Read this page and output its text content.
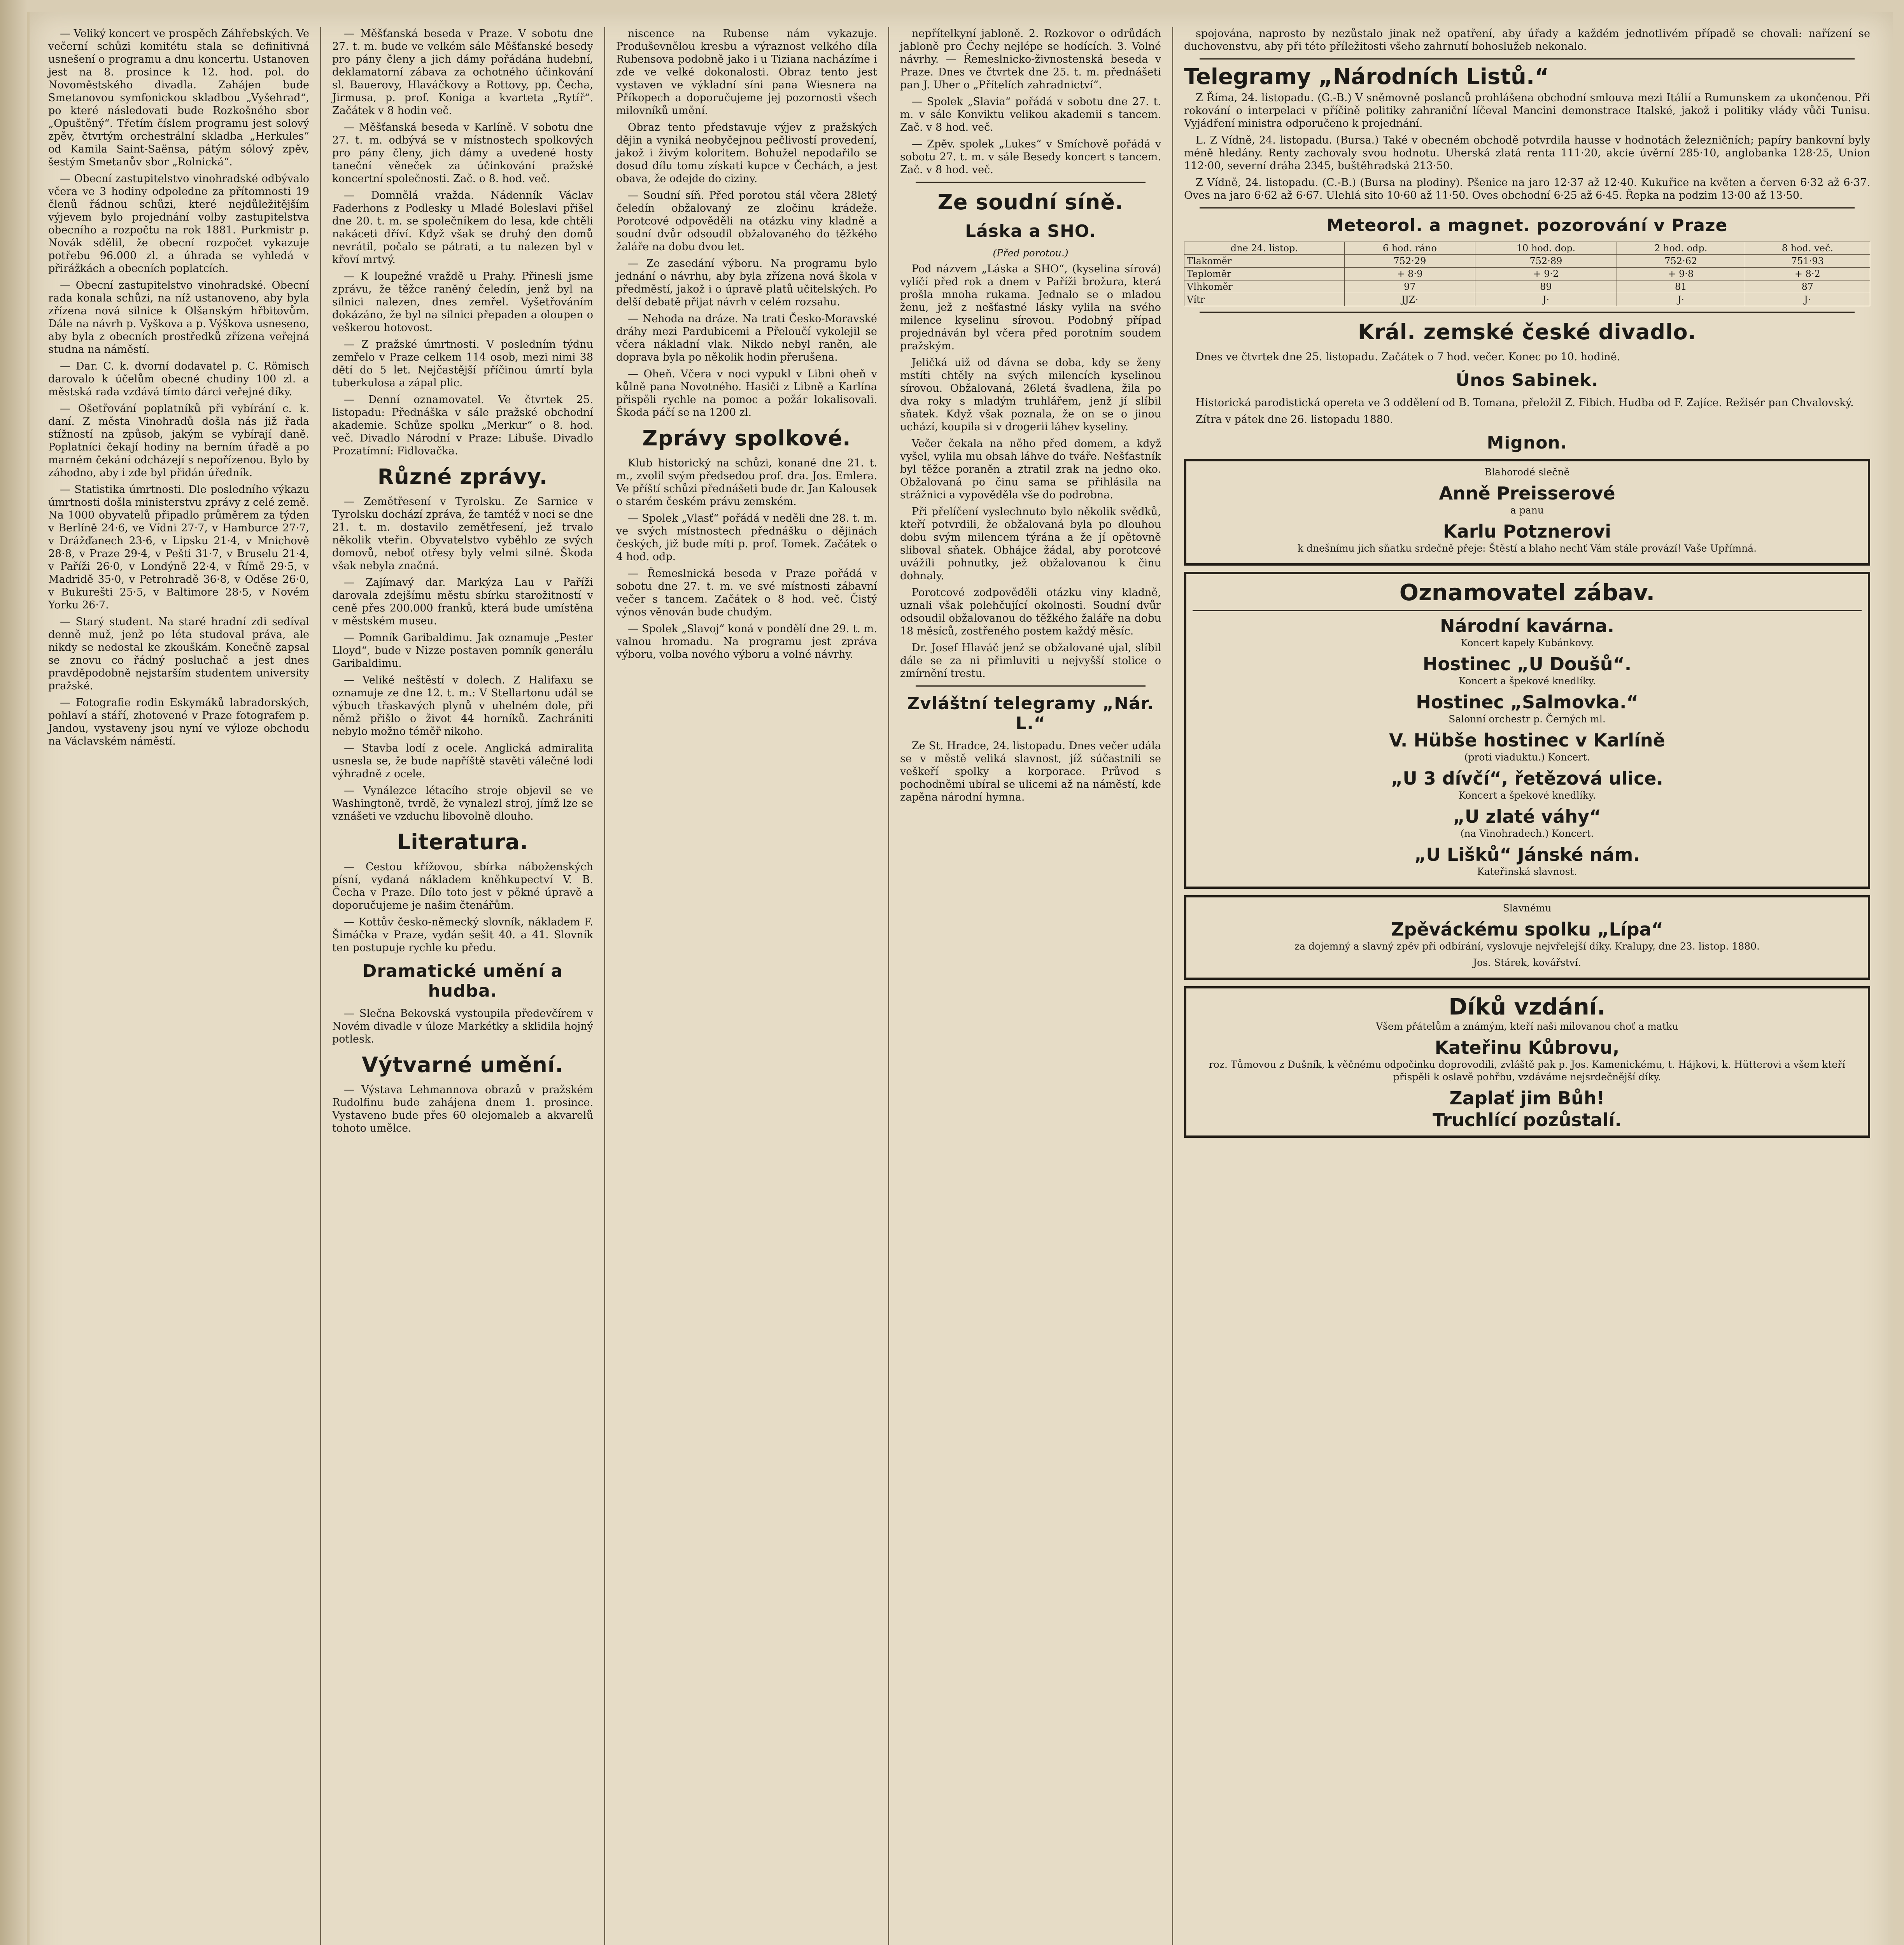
— Veliký koncert ve prospěch Záhřebských. Ve večerní schůzi komitétu stala se definitivná usnešení o programu a dnu koncertu. Ustanoven jest na 8. prosince k 12. hod. pol. do Novoměstského divadla. Zahájen bude Smetanovou symfonickou skladbou „Vyšehrad“, po které následovati bude Rozkošného sbor „Opuštěný“. Třetím číslem programu jest solový zpěv, čtvrtým orchestrální skladba „Herkules“ od Kamila Saint-Saënsa, pátým sólový zpěv, šestým Smetanův sbor „Rolnická“.

— Obecní zastupitelstvo vinohradské odbývalo včera ve 3 hodiny odpoledne za přítomnosti 19 členů řádnou schůzi, které nejdůležitějším výjevem bylo projednání volby zastupitelstva obecního a rozpočtu na rok 1881. Purkmistr p. Novák sdělil, že obecní rozpočet vykazuje potřebu 96.000 zl. a úhrada se vyhledá v přirážkách a obecních poplatcích.

— Obecní zastupitelstvo vinohradské. Obecní rada konala schůzi, na níž ustanoveno, aby byla zřízena nová silnice k Olšanským hřbitovům. Dále na návrh p. Vyškova a p. Výškova usneseno, aby byla z obecních prostředků zřízena veřejná studna na náměstí.

— Dar. C. k. dvorní dodavatel p. C. Römisch darovalo k účelům obecné chudiny 100 zl. a městská rada vzdává tímto dárci veřejné díky.

— Ošetřování poplatníků při vybírání c. k. daní. Z města Vinohradů došla nás již řada stížností na způsob, jakým se vybírají daně. Poplatníci čekají hodiny na berním úřadě a po marném čekání odcházejí s nepořízenou. Bylo by záhodno, aby i zde byl přidán úředník.

— Statistika úmrtnosti. Dle posledního výkazu úmrtnosti došla ministerstvu zprávy z celé země. Na 1000 obyvatelů připadlo průměrem za týden v Berlíně 24·6, ve Vídni 27·7, v Hamburce 27·7, v Drážďanech 23·6, v Lipsku 21·4, v Mnichově 28·8, v Praze 29·4, v Pešti 31·7, v Bruselu 21·4, v Paříži 26·0, v Londýně 22·4, v Římě 29·5, v Madridě 35·0, v Petrohradě 36·8, v Oděse 26·0, v Bukurešti 25·5, v Baltimore 28·5, v Novém Yorku 26·7.

— Starý student. Na staré hradní zdi sedíval denně muž, jenž po léta studoval práva, ale nikdy se nedostal ke zkouškám. Konečně zapsal se znovu co řádný posluchač a jest dnes pravděpodobně nejstarším studentem university pražské.

— Fotografie rodin Eskymáků labradorských, pohlaví a stáří, zhotovené v Praze fotografem p. Jandou, vystaveny jsou nyní ve výloze obchodu na Václavském náměstí.

— Měšťanská beseda v Praze. V sobotu dne 27. t. m. bude ve velkém sále Měšťanské besedy pro pány členy a jich dámy pořádána hudební, deklamatorní zábava za ochotného účinkování sl. Bauerovy, Hlaváčkovy a Rottovy, pp. Čecha, Jirmusa, p. prof. Koniga a kvarteta „Rytíř“. Začátek v 8 hodin več.

— Měšťanská beseda v Karlíně. V sobotu dne 27. t. m. odbývá se v místnostech spolkových pro pány členy, jich dámy a uvedené hosty taneční věneček za účinkování pražské koncertní společnosti. Zač. o 8. hod. več.

— Domnělá vražda. Nádenník Václav Faderhons z Podlesky u Mladé Boleslavi přišel dne 20. t. m. se společníkem do lesa, kde chtěli nakáceti dříví. Když však se druhý den domů nevrátil, počalo se pátrati, a tu nalezen byl v křoví mrtvý.

— K loupežné vraždě u Prahy. Přinesli jsme zprávu, že těžce raněný čeledín, jenž byl na silnici nalezen, dnes zemřel. Vyšetřováním dokázáno, že byl na silnici přepaden a oloupen o veškerou hotovost.

— Z pražské úmrtnosti. V posledním týdnu zemřelo v Praze celkem 114 osob, mezi nimi 38 dětí do 5 let. Nejčastější příčinou úmrtí byla tuberkulosa a zápal plic.

— Denní oznamovatel. Ve čtvrtek 25. listopadu: Přednáška v sále pražské obchodní akademie. Schůze spolku „Merkur“ o 8. hod. več. Divadlo Národní v Praze: Libuše. Divadlo Prozatímní: Fidlovačka.

Různé zprávy.

— Zemětřesení v Tyrolsku. Ze Sarnice v Tyrolsku dochází zpráva, že tamtéž v noci se dne 21. t. m. dostavilo zemětřesení, jež trvalo několik vteřin. Obyvatelstvo vyběhlo ze svých domovů, neboť otřesy byly velmi silné. Škoda však nebyla značná.

— Zajímavý dar. Markýza Lau v Paříži darovala zdejšímu městu sbírku starožitností v ceně přes 200.000 franků, která bude umístěna v městském museu.

— Pomník Garibaldimu. Jak oznamuje „Pester Lloyd“, bude v Nizze postaven pomník generálu Garibaldimu.

— Veliké neštěstí v dolech. Z Halifaxu se oznamuje ze dne 12. t. m.: V Stellartonu udál se výbuch třaskavých plynů v uhelném dole, při němž přišlo o život 44 horníků. Zachrániti nebylo možno téměř nikoho.

— Stavba lodí z ocele. Anglická admiralita usnesla se, že bude napříště stavěti válečné lodi výhradně z ocele.

— Vynálezce létacího stroje objevil se ve Washingtoně, tvrdě, že vynalezl stroj, jímž lze se vznášeti ve vzduchu libovolně dlouho.

Literatura.

— Cestou křížovou, sbírka náboženských písní, vydaná nákladem kněhkupectví V. B. Čecha v Praze. Dílo toto jest v pěkné úpravě a doporučujeme je našim čtenářům.

— Kottův česko-německý slovník, nákladem F. Šimáčka v Praze, vydán sešit 40. a 41. Slovník ten postupuje rychle ku předu.

Dramatické umění a hudba.

— Slečna Bekovská vystoupila předevčírem v Novém divadle v úloze Markétky a sklidila hojný potlesk.

Výtvarné umění.

— Výstava Lehmannova obrazů v pražském Rudolfinu bude zahájena dnem 1. prosince. Vystaveno bude přes 60 olejomaleb a akvarelů tohoto umělce.

niscence na Rubense nám vykazuje. Produševnělou kresbu a výraznost velkého díla Rubensova podobně jako i u Tiziana nacházíme i zde ve velké dokonalosti. Obraz tento jest vystaven ve výkladní síni pana Wiesnera na Příkopech a doporučujeme jej pozornosti všech milovníků umění.

Obraz tento představuje výjev z pražských dějin a vyniká neobyčejnou pečlivostí provedení, jakož i živým koloritem. Bohužel nepodařilo se dosud dílu tomu získati kupce v Čechách, a jest obava, že odejde do ciziny.

— Soudní síň. Před porotou stál včera 28letý čeledín obžalovaný ze zločinu krádeže. Porotcové odpověděli na otázku viny kladně a soudní dvůr odsoudil obžalovaného do těžkého žaláře na dobu dvou let.

— Ze zasedání výboru. Na programu bylo jednání o návrhu, aby byla zřízena nová škola v předměstí, jakož i o úpravě platů učitelských. Po delší debatě přijat návrh v celém rozsahu.

— Nehoda na dráze. Na trati Česko-Moravské dráhy mezi Pardubicemi a Přeloučí vykolejil se včera nákladní vlak. Nikdo nebyl raněn, ale doprava byla po několik hodin přerušena.

— Oheň. Včera v noci vypukl v Libni oheň v kůlně pana Novotného. Hasiči z Libně a Karlína přispěli rychle na pomoc a požár lokalisovali. Škoda páčí se na 1200 zl.

Zprávy spolkové.

Klub historický na schůzi, konané dne 21. t. m., zvolil svým předsedou prof. dra. Jos. Emlera. Ve příští schůzi přednášeti bude dr. Jan Kalousek o starém českém právu zemském.

— Spolek „Vlasť“ pořádá v neděli dne 28. t. m. ve svých místnostech přednášku o dějinách českých, již bude míti p. prof. Tomek. Začátek o 4 hod. odp.

— Řemeslnická beseda v Praze pořádá v sobotu dne 27. t. m. ve své místnosti zábavní večer s tancem. Začátek o 8 hod. več. Čistý výnos věnován bude chudým.

— Spolek „Slavoj“ koná v pondělí dne 29. t. m. valnou hromadu. Na programu jest zpráva výboru, volba nového výboru a volné návrhy.

nepřítelkyní jabloně. 2. Rozkovor o odrůdách jabloně pro Čechy nejlépe se hodících. 3. Volné návrhy. — Řemeslnicko-živnostenská beseda v Praze. Dnes ve čtvrtek dne 25. t. m. přednášeti pan J. Uher o „Přítelích zahradnictví“.

— Spolek „Slavia“ pořádá v sobotu dne 27. t. m. v sále Konviktu velikou akademii s tancem. Zač. v 8 hod. več.

— Zpěv. spolek „Lukes“ v Smíchově pořádá v sobotu 27. t. m. v sále Besedy koncert s tancem. Zač. v 8 hod. več.

Ze soudní síně.
Láska a SHO.
(Před porotou.)

Pod názvem „Láska a SHO“, (kyselina sírová) vylíčí před rok a dnem v Paříži brožura, která prošla mnoha rukama. Jednalo se o mladou ženu, jež z nešťastné lásky vylila na svého milence kyselinu sírovou. Podobný případ projednáván byl včera před porotním soudem pražským.

Jeličká uiž od dávna se doba, kdy se ženy mstíti chtěly na svých milencích kyselinou sírovou. Obžalovaná, 26letá švadlena, žila po dva roky s mladým truhlářem, jenž jí slíbil sňatek. Když však poznala, že on se o jinou uchází, koupila si v drogerii láhev kyseliny.

Večer čekala na něho před domem, a když vyšel, vylila mu obsah láhve do tváře. Nešťastník byl těžce poraněn a ztratil zrak na jedno oko. Obžalovaná po činu sama se přihlásila na strážnici a vypověděla vše do podrobna.

Při přelíčení vyslechnuto bylo několik svědků, kteří potvrdili, že obžalovaná byla po dlouhou dobu svým milencem týrána a že jí opětovně sliboval sňatek. Obhájce žádal, aby porotcové uvážili pohnutky, jež obžalovanou k činu dohnaly.

Porotcové zodpověděli otázku viny kladně, uznali však polehčující okolnosti. Soudní dvůr odsoudil obžalovanou do těžkého žaláře na dobu 18 měsíců, zostřeného postem každý měsíc.

Dr. Josef Hlaváč jenž se obžalované ujal, slíbil dále se za ni přimluviti u nejvyšší stolice o zmírnění trestu.

Zvláštní telegramy „Nár. L.“

Ze St. Hradce, 24. listopadu. Dnes večer udála se v městě veliká slavnost, jíž súčastnili se veškeří spolky a korporace. Průvod s pochodněmi ubíral se ulicemi až na náměstí, kde zapěna národní hymna.

spojována, naprosto by nezůstalo jinak než opatření, aby úřady a každém jednotlivém případě se chovali: nařízení se duchovenstvu, aby při této příležitosti všeho zahrnutí bohoslužeb nekonalo.

Telegramy „Národních Listů.“

Z Říma, 24. listopadu. (G.-B.) V sněmovně poslanců prohlášena obchodní smlouva mezi Itálií a Rumunskem za ukončenou. Při rokování o interpelaci v příčině politiky zahraniční líčeval Mancini demonstrace Italské, jakož i politiky vlády vůči Tunisu. Vyjádření ministra odporučeno k projednání.

L. Z Vídně, 24. listopadu. (Bursa.) Také v obecném obchodě potvrdila hausse v hodnotách železničních; papíry bankovní byly méně hledány. Renty zachovaly svou hodnotu. Uherská zlatá renta 111·20, akcie úvěrní 285·10, anglobanka 128·25, Union 112·00, severní dráha 2345, buštěhradská 213·50.

Z Vídně, 24. listopadu. (C.-B.) (Bursa na plodiny). Pšenice na jaro 12·37 až 12·40. Kukuřice na květen a červen 6·32 až 6·37. Oves na jaro 6·62 až 6·67. Ulehlá sito 10·60 až 11·50. Oves obchodní 6·25 až 6·45. Řepka na podzim 13·00 až 13·50.

Meteorol. a magnet. pozorování v Praze
dne 24. listop.	6 hod. ráno	10 hod. dop.	2 hod. odp.	8 hod. več.
Tlakoměr	752·29	752·89	752·62	751·93
Teploměr	+ 8·9	+ 9·2	+ 9·8	+ 8·2
Vlhkoměr	97	89	81	87
Vítr	JJZ·	J·	J·	J·
Král. zemské české divadlo.

Dnes ve čtvrtek dne 25. listopadu. Začátek o 7 hod. večer. Konec po 10. hodině.

Únos Sabinek.

Historická parodistická opereta ve 3 oddělení od B. Tomana, přeložil Z. Fibich. Hudba od F. Zajíce. Režisér pan Chvalovský.

Zítra v pátek dne 26. listopadu 1880.

Mignon.

Blahorodé slečně

Anně Preisserové

a panu

Karlu Potznerovi

k dnešnímu jich sňatku srdečně přeje: Štěstí a blaho nechť Vám stále provází! Vaše Upřímná.

Oznamovatel zábav.
Národní kavárna.

Koncert kapely Kubánkovy.

Hostinec „U Doušů“.

Koncert a špekové knedlíky.

Hostinec „Salmovka.“

Salonní orchestr p. Černých ml.

V. Hübše hostinec v Karlíně

(proti viaduktu.) Koncert.

„U 3 dívčí“, řetězová ulice.

Koncert a špekové knedlíky.

„U zlaté váhy“

(na Vinohradech.) Koncert.

„U Lišků“ Jánské nám.

Kateřinská slavnost.

Slavnému

Zpěváckému spolku „Lípa“

za dojemný a slavný zpěv při odbírání, vyslovuje nejvřelejší díky. Kralupy, dne 23. listop. 1880.

Jos. Stárek, kovářství.

Díků vzdání.

Všem přátelům a známým, kteří naši milovanou choť a matku

Kateřinu Kůbrovu,

roz. Tůmovou z Dušník, k věčnému odpočinku doprovodili, zvláště pak p. Jos. Kamenickému, t. Hájkovi, k. Hütterovi a všem kteří přispěli k oslavě pohřbu, vzdáváme nejsrdečnější díky.

Zaplať jim Bůh!
Truchlící pozůstalí.
